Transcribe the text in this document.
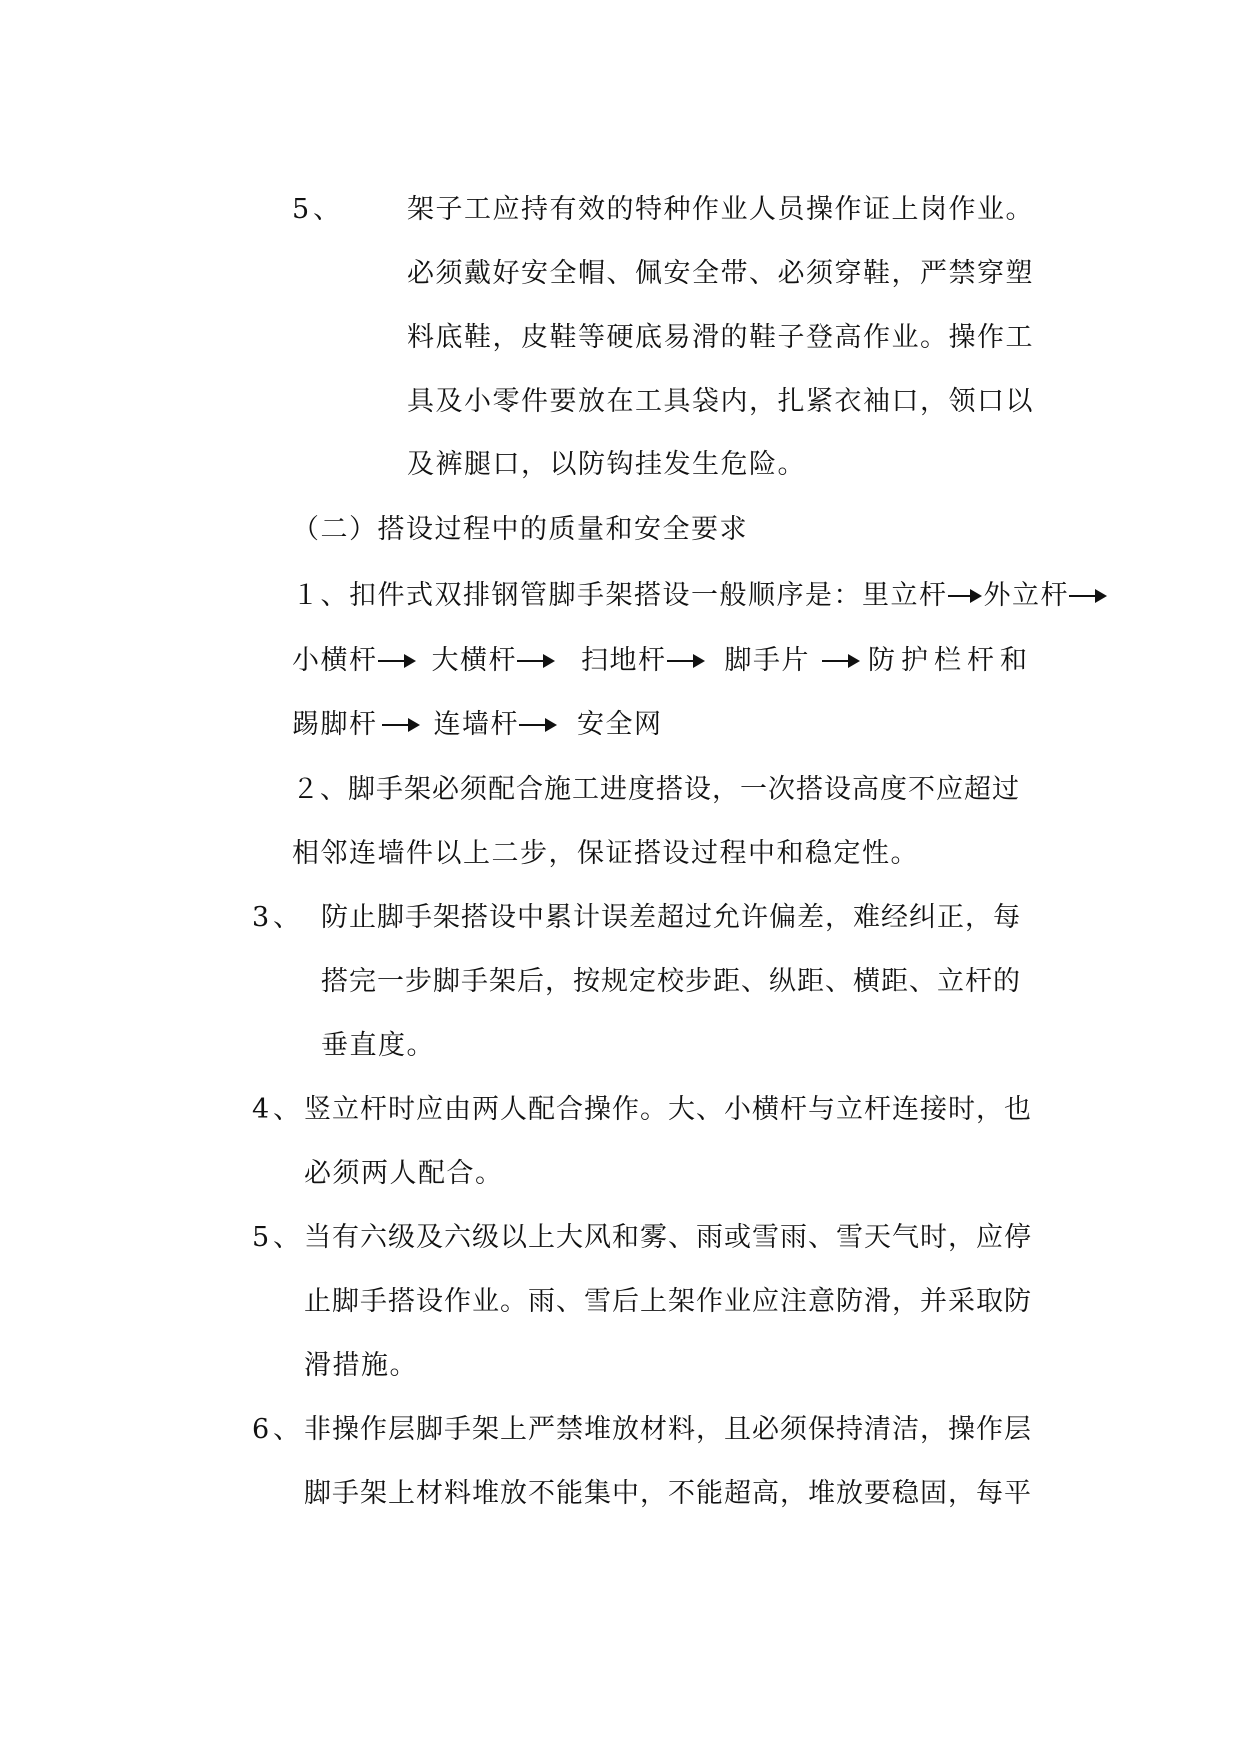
5、 架子工应持有效的特种作业人员操作证上岗作业。
必须戴好安全帽、佩安全带、必须穿鞋，严禁穿塑
料底鞋，皮鞋等硬底易滑的鞋子登高作业。操作工
具及小零件要放在工具袋内，扎紧衣袖口，领口以
及裤腿口，以防钩挂发生危险。
（二）搭设过程中的质量和安全要求
１、扣件式双排钢管脚手架搭设一般顺序是：里立杆 外立杆
小横杆 大横杆 扫地杆 脚手片 防护栏杆和
踢脚杆 连墙杆 安全网
２、脚手架必须配合施工进度搭设，一次搭设高度不应超过
相邻连墙件以上二步，保证搭设过程中和稳定性。
3、 防止脚手架搭设中累计误差超过允许偏差，难经纠正，每
搭完一步脚手架后，按规定校步距、纵距、横距、立杆的
垂直度。
4、 竖立杆时应由两人配合操作。大、小横杆与立杆连接时，也
必须两人配合。
5、 当有六级及六级以上大风和雾、雨或雪雨、雪天气时，应停
止脚手搭设作业。雨、雪后上架作业应注意防滑，并采取防
滑措施。
6、 非操作层脚手架上严禁堆放材料，且必须保持清洁，操作层
脚手架上材料堆放不能集中，不能超高，堆放要稳固，每平
